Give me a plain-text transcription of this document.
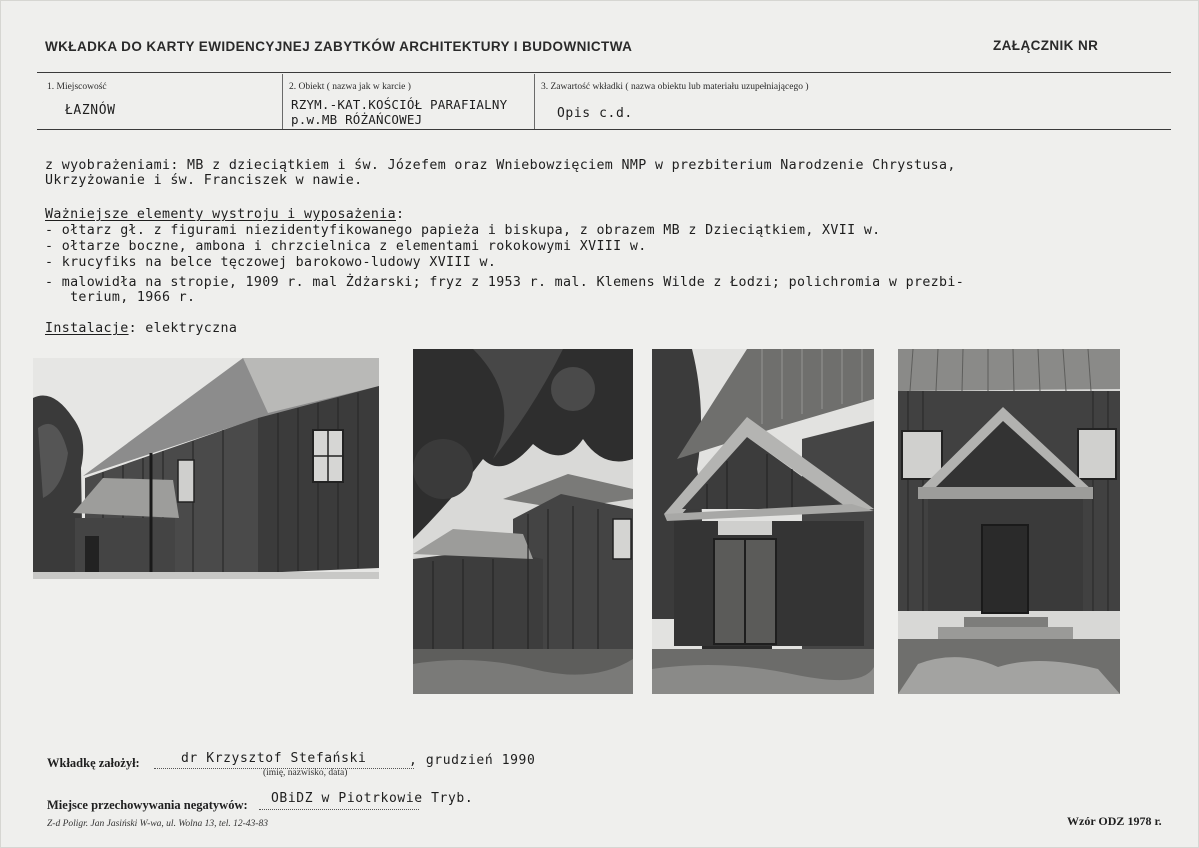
WKŁADKA DO KARTY EWIDENCYJNEJ ZABYTKÓW ARCHITEKTURY I BUDOWNICTWA	ZAŁĄCZNIK NR
1. Miejscowość
ŁAZNÓW
2. Obiekt ( nazwa jak w karcie )
RZYM.-KAT.KOŚCIÓŁ PARAFIALNY
p.w.MB RÓŻAŃCOWEJ
3. Zawartość wkładki ( nazwa obiektu lub materiału uzupełniającego )
Opis c.d.
z wyobrażeniami: MB z dzieciątkiem i św. Józefem oraz Wniebowzięciem NMP w prezbiterium Narodzenie Chrystusa,
Ukrzyżowanie i św. Franciszek w nawie.
Ważniejsze elementy wystroju i wyposażenia:
- ołtarz gł. z figurami niezidentyfikowanego papieża i biskupa, z obrazem MB z Dzieciątkiem, XVII w.
- ołtarze boczne, ambona i chrzcielnica z elementami rokokowymi XVIII w.
- krucyfiks na belce tęczowej barokowo-ludowy XVIII w.
- malowidła na stropie, 1909 r. mal Żdżarski; fryz z 1953 r. mal. Klemens Wilde z Łodzi; polichromia w prezbi-
terium, 1966 r.
Instalacje: elektryczna
Wkładkę założył:	dr Krzysztof Stefański	, grudzień 1990
(imię, nazwisko, data)
Miejsce przechowywania negatywów: OBiDZ w Piotrkowie Tryb.
Z-d Poligr. Jan Jasiński W-wa, ul. Wolna 13, tel. 12-43-83	Wzór ODZ 1978 r.
